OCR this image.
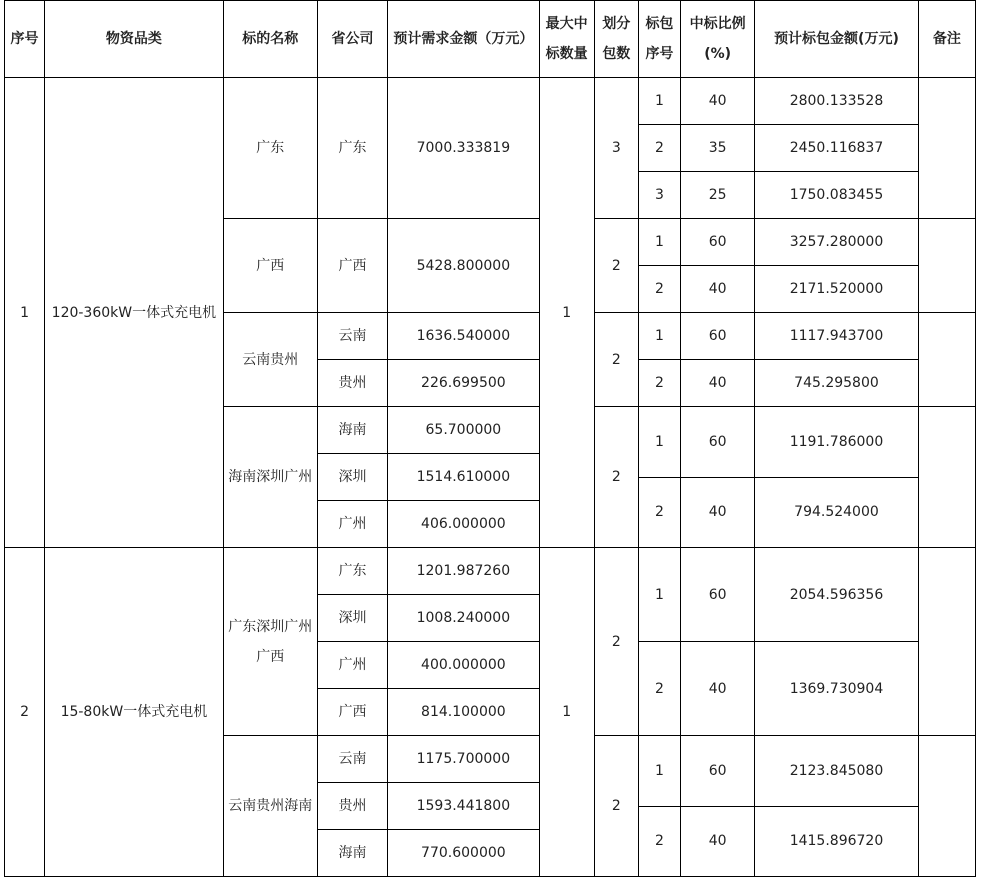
序号	物资品类	标的名称	省公司	预计需求金额（万元）	最大中标数量	划分包数	标包序号	中标比例(%)	预计标包金额(万元)	备注
1	120-360kW一体式充电机	广东	广东	7000.333819	1	3	1	40	2800.133528	
							2	35	2450.116837	
							3	25	1750.083455	
		广西	广西	5428.800000		2	1	60	3257.280000	
							2	40	2171.520000	
		云南贵州	云南	1636.540000		2	1	60	1117.943700	
			贵州	226.699500			2	40	745.295800	
		海南深圳广州	海南	65.700000		2	1	60	1191.786000	

			深圳	1514.610000						
							2	40	794.524000	
			广州	406.000000						

2	15-80kW一体式充电机	广东深圳广州广西	广东	1201.987260	1	2	1	60	2054.596356	
			深圳	1008.240000						
			广州	400.000000			2	40	1369.730904	
			广西	814.100000						
		云南贵州海南	云南	1175.700000		2	1	60	2123.845080	

			贵州	1593.441800						
							2	40	1415.896720	
			海南	770.600000						
